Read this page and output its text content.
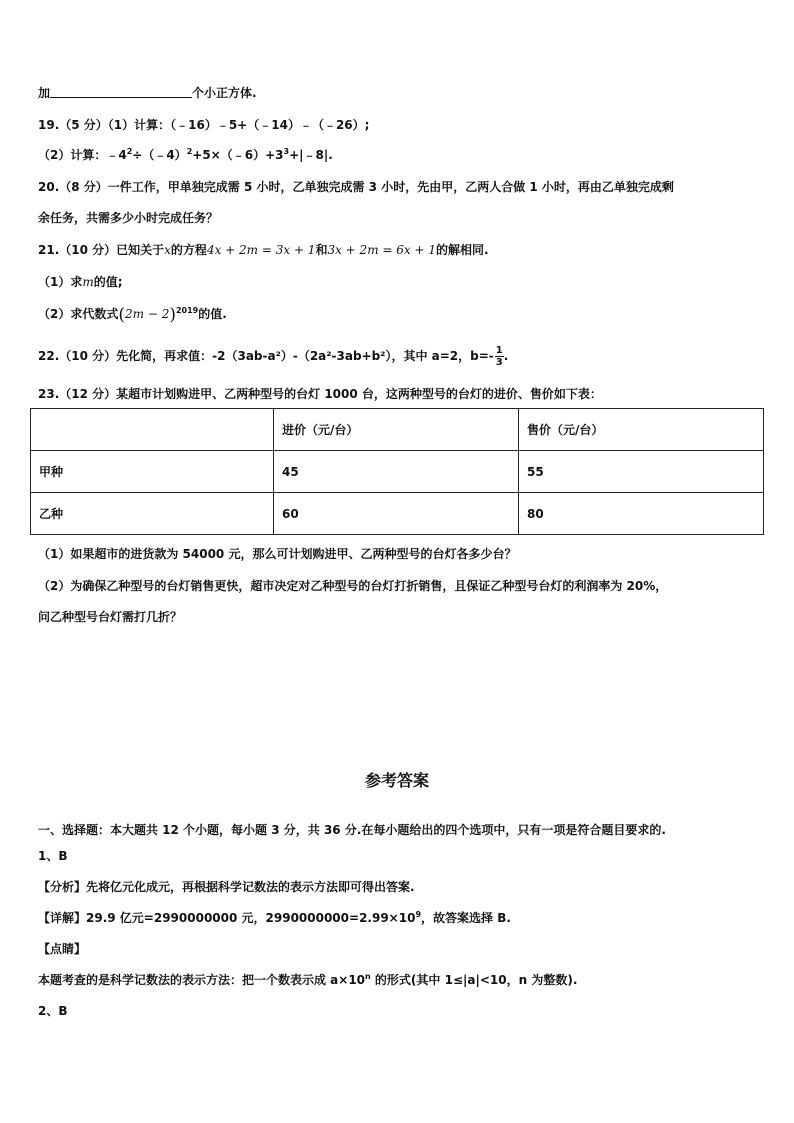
加	个小正方体.
19.（5 分）（1）计算：（﹣16）﹣5+（﹣14）﹣（﹣26）;
（2）计算：$﹣4^2\div(﹣4)^2+5\times(﹣6)+3^3+|﹣8|$.
20.（8 分）一件工作，甲单独完成需 5 小时，乙单独完成需 3 小时，先由甲，乙两人合做 1 小时，再由乙单独完成剩
余任务，共需多少小时完成任务？
21.（10 分）已知关于x的方程4x + 2m = 3x + 1和3x + 2m = 6x + 1的解相同.
（1）求m的值;
（2）求代数式$(2m - 2)^{2019}$的值.
22.（10 分）先化简，再求值：-2（3ab-a²）-（2a²-3ab+b²），其中 a=2，$b=- \frac{1}{3}$ .
23.（12 分）某超市计划购进甲、乙两种型号的台灯 1000 台，这两种型号的台灯的进价、售价如下表：
	进价（元/台）	售价（元/台）
甲种	45	55
乙种	60	80
（1）如果超市的进货款为 54000 元，那么可计划购进甲、乙两种型号的台灯各多少台？
（2）为确保乙种型号的台灯销售更快，超市决定对乙种型号的台灯打折销售，且保证乙种型号台灯的利润率为 20%，
问乙种型号台灯需打几折？
参考答案
一、选择题：本大题共 12 个小题，每小题 3 分，共 36 分.在每小题给出的四个选项中，只有一项是符合题目要求的.
1、B
【分析】先将亿元化成元，再根据科学记数法的表示方法即可得出答案.
【详解】29.9 亿元=2990000000 元，$2990000000=2.99\times 10^9$，故答案选择 B.
【点睛】
本题考查的是科学记数法的表示方法：把一个数表示成 $a\times 10^n$ 的形式(其中 1≤|a|<10，n 为整数).
2、B
